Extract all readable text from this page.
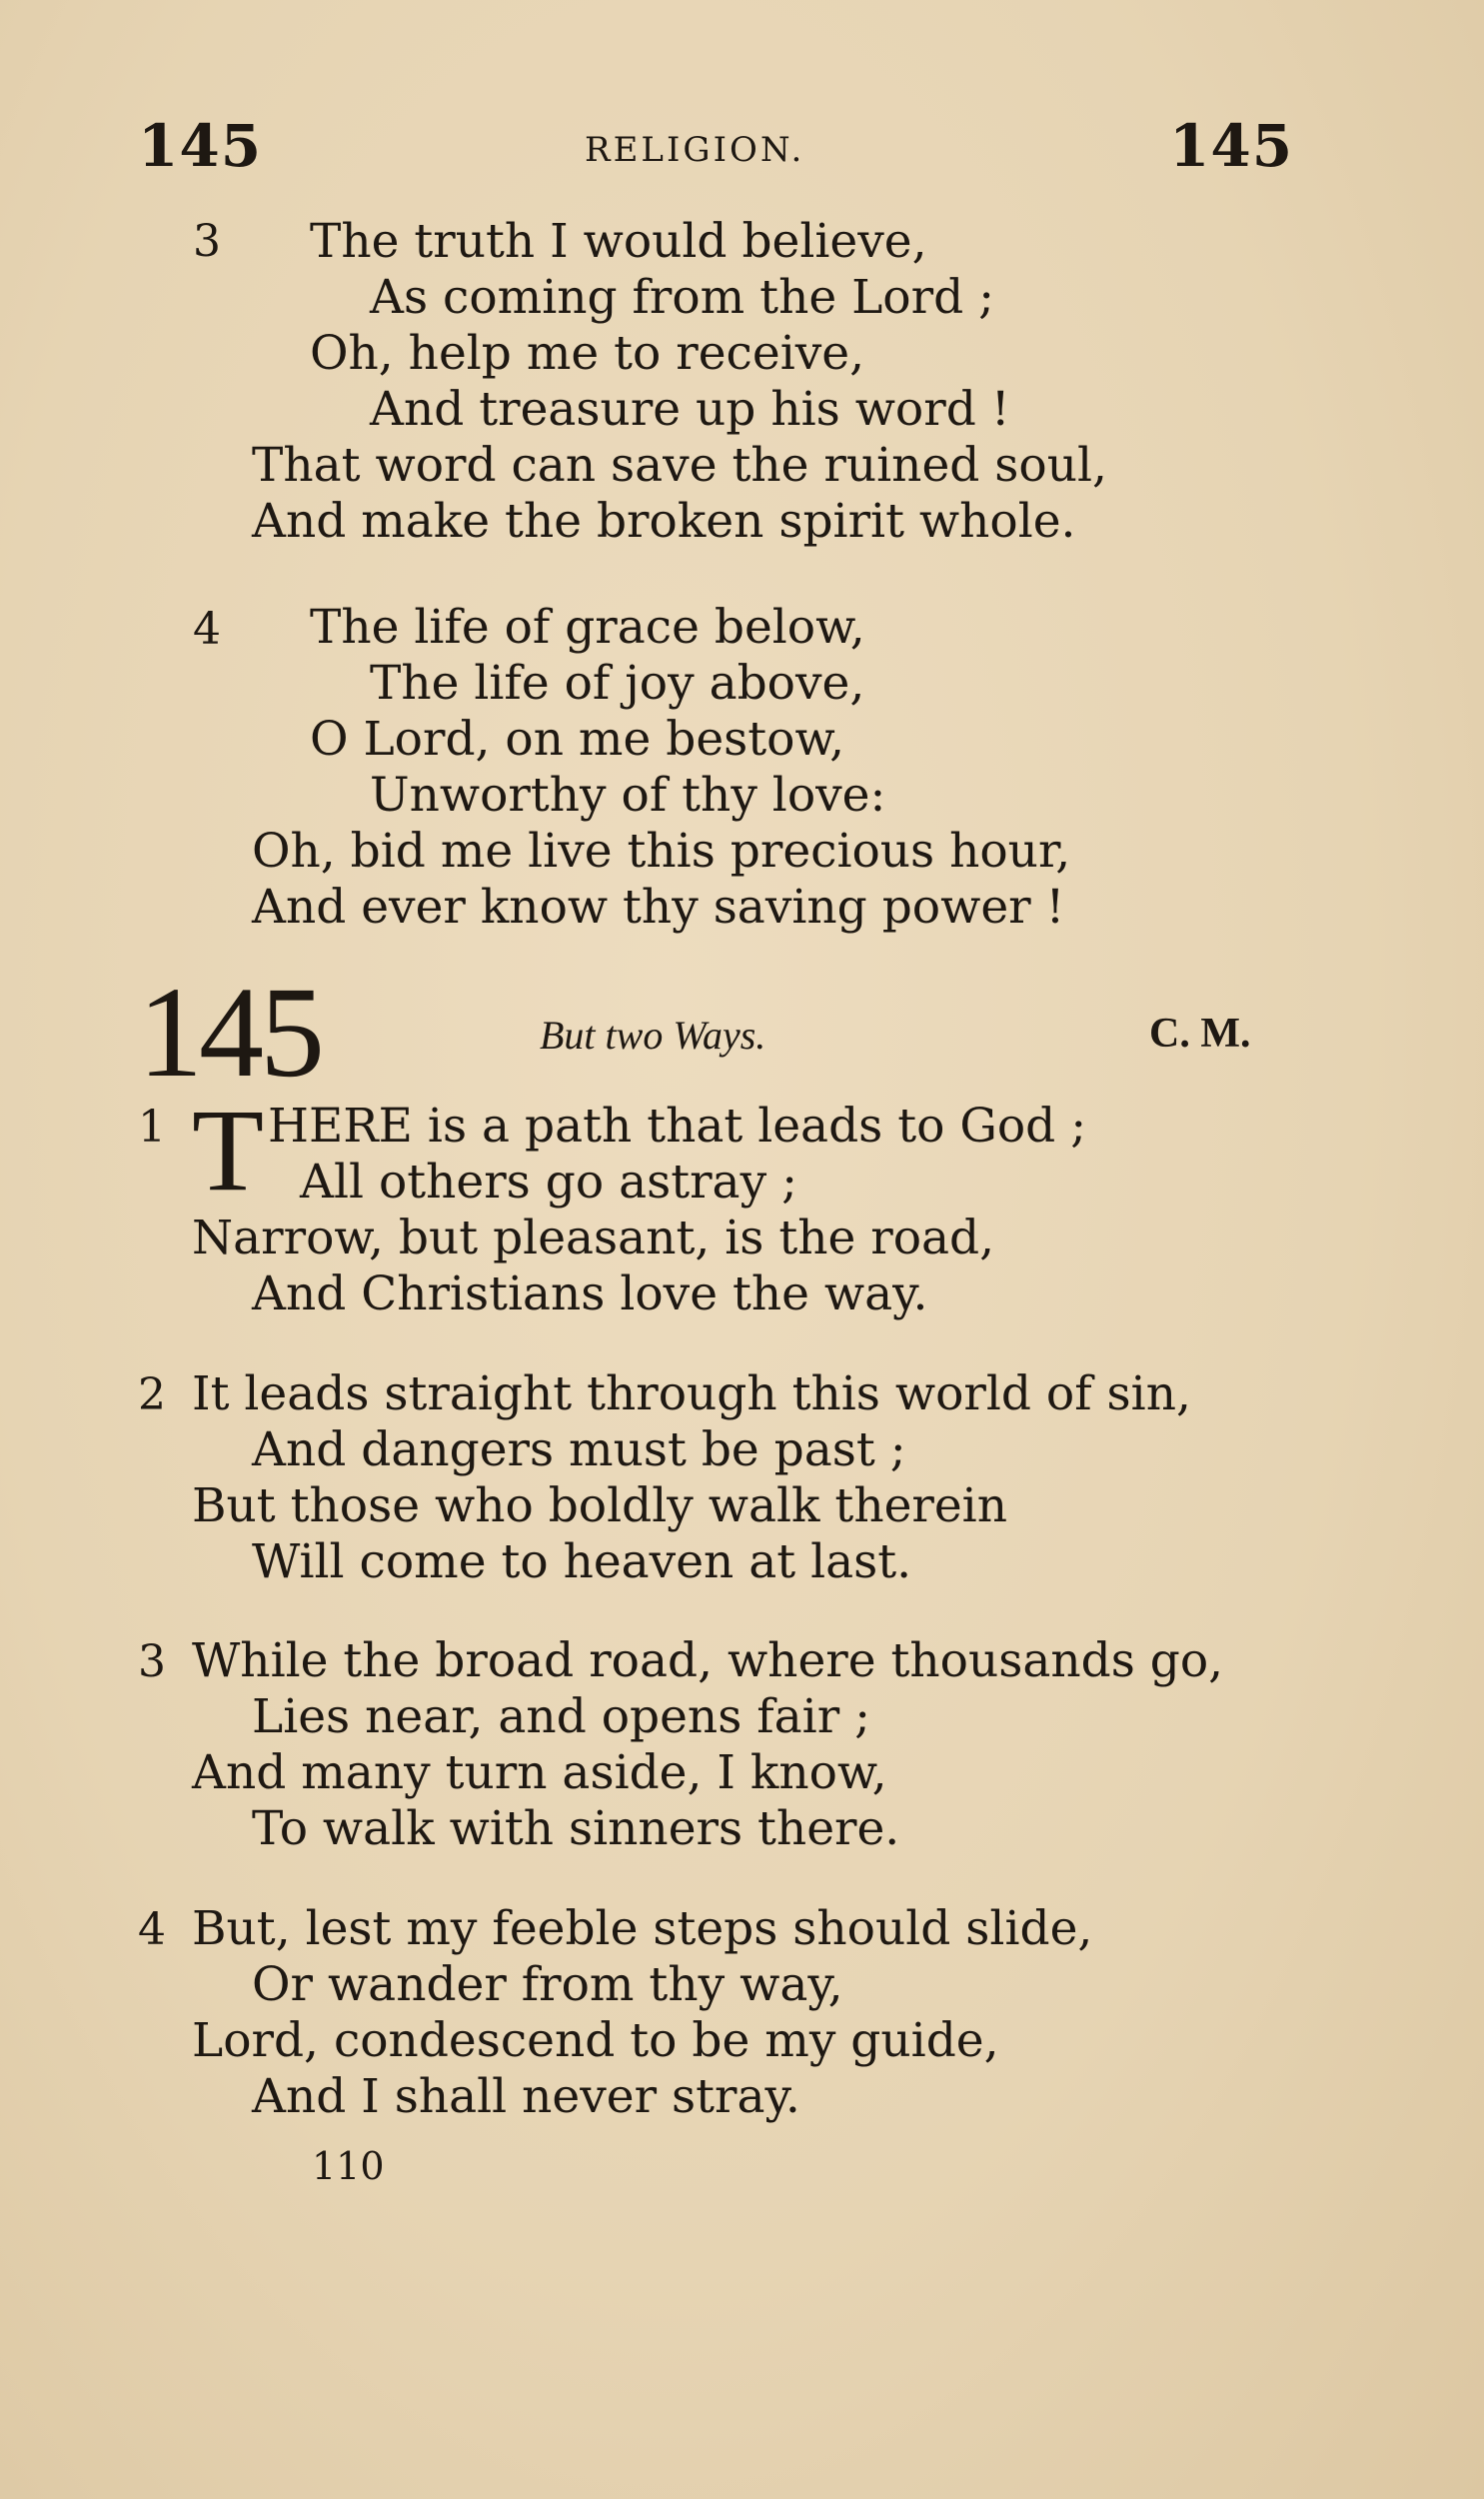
145	RELIGION.	145
3 The truth I would believe,
As coming from the Lord ;
Oh, help me to receive,
And treasure up his word !
That word can save the ruined soul,
And make the broken spirit whole.
4 The life of grace below,
The life of joy above,
O Lord, on me bestow,
Unworthy of thy love:
Oh, bid me live this precious hour,
And ever know thy saving power !
145	But two Ways.	C. M.
1 T HERE is a path that leads to God ;
All others go astray ;
Narrow, but pleasant, is the road,
And Christians love the way.
2 It leads straight through this world of sin,
And dangers must be past ;
But those who boldly walk therein
Will come to heaven at last.
3 While the broad road, where thousands go,
Lies near, and opens fair ;
And many turn aside, I know,
To walk with sinners there.
4 But, lest my feeble steps should slide,
Or wander from thy way,
Lord, condescend to be my guide,
And I shall never stray.
110
